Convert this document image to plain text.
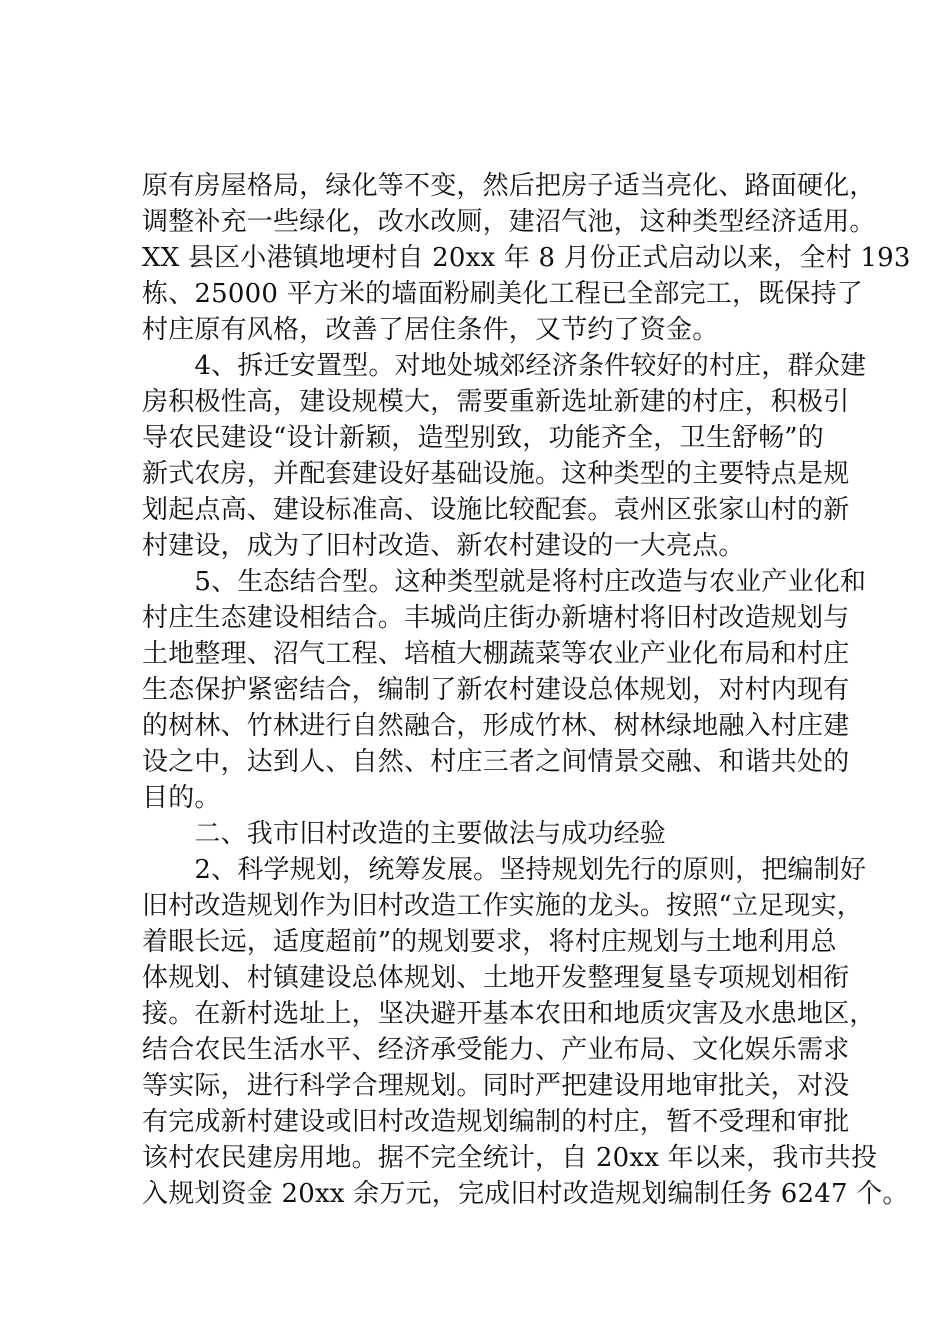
原有房屋格局，绿化等不变，然后把房子适当亮化、路面硬化，
调整补充一些绿化，改水改厕，建沼气池，这种类型经济适用。
XX 县区小港镇地埂村自 20xx 年 8 月份正式启动以来，全村 193
栋、25000 平方米的墙面粉刷美化工程已全部完工，既保持了
村庄原有风格，改善了居住条件，又节约了资金。
　　4、拆迁安置型。对地处城郊经济条件较好的村庄，群众建
房积极性高，建设规模大，需要重新选址新建的村庄，积极引
导农民建设“设计新颖，造型别致，功能齐全，卫生舒畅”的
新式农房，并配套建设好基础设施。这种类型的主要特点是规
划起点高、建设标准高、设施比较配套。袁州区张家山村的新
村建设，成为了旧村改造、新农村建设的一大亮点。
　　5、生态结合型。这种类型就是将村庄改造与农业产业化和
村庄生态建设相结合。丰城尚庄街办新塘村将旧村改造规划与
土地整理、沼气工程、培植大棚蔬菜等农业产业化布局和村庄
生态保护紧密结合，编制了新农村建设总体规划，对村内现有
的树林、竹林进行自然融合，形成竹林、树林绿地融入村庄建
设之中，达到人、自然、村庄三者之间情景交融、和谐共处的
目的。
　　二、我市旧村改造的主要做法与成功经验
　　2、科学规划，统筹发展。坚持规划先行的原则，把编制好
旧村改造规划作为旧村改造工作实施的龙头。按照“立足现实，
着眼长远，适度超前”的规划要求，将村庄规划与土地利用总
体规划、村镇建设总体规划、土地开发整理复垦专项规划相衔
接。在新村选址上，坚决避开基本农田和地质灾害及水患地区，
结合农民生活水平、经济承受能力、产业布局、文化娱乐需求
等实际，进行科学合理规划。同时严把建设用地审批关，对没
有完成新村建设或旧村改造规划编制的村庄，暂不受理和审批
该村农民建房用地。据不完全统计，自 20xx 年以来，我市共投
入规划资金 20xx 余万元，完成旧村改造规划编制任务 6247 个。
